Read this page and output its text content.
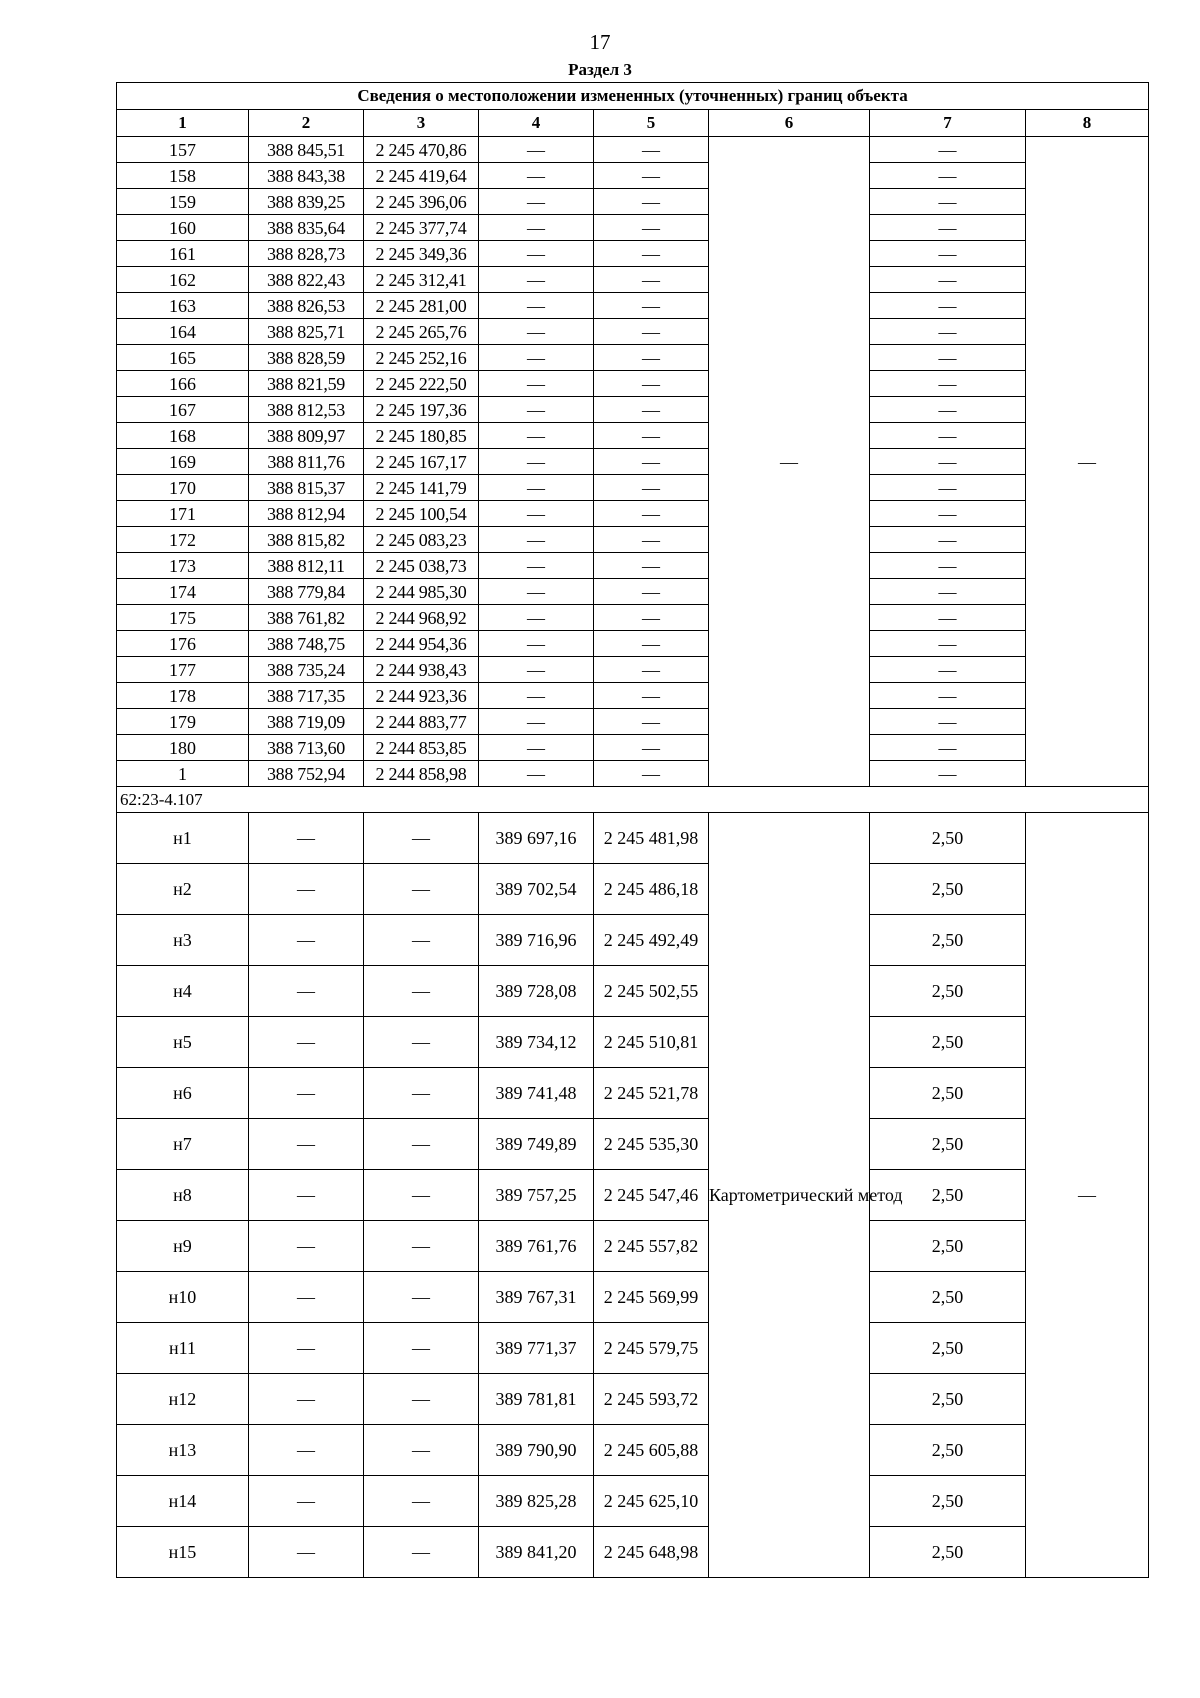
17
Раздел 3
Сведения о местоположении измененных (уточненных) границ объекта							
1	2	3	4	5	6	7	8
157	388 845,51	2 245 470,86	—	—	—	—	—
158	388 843,38	2 245 419,64	—	—		—	
159	388 839,25	2 245 396,06	—	—		—	
160	388 835,64	2 245 377,74	—	—		—	
161	388 828,73	2 245 349,36	—	—		—	
162	388 822,43	2 245 312,41	—	—		—	
163	388 826,53	2 245 281,00	—	—		—	
164	388 825,71	2 245 265,76	—	—		—	
165	388 828,59	2 245 252,16	—	—		—	
166	388 821,59	2 245 222,50	—	—		—	
167	388 812,53	2 245 197,36	—	—		—	
168	388 809,97	2 245 180,85	—	—		—	
169	388 811,76	2 245 167,17	—	—		—	
170	388 815,37	2 245 141,79	—	—		—	
171	388 812,94	2 245 100,54	—	—		—	
172	388 815,82	2 245 083,23	—	—		—	
173	388 812,11	2 245 038,73	—	—		—	
174	388 779,84	2 244 985,30	—	—		—	
175	388 761,82	2 244 968,92	—	—		—	
176	388 748,75	2 244 954,36	—	—		—	
177	388 735,24	2 244 938,43	—	—		—	
178	388 717,35	2 244 923,36	—	—		—	
179	388 719,09	2 244 883,77	—	—		—	
180	388 713,60	2 244 853,85	—	—		—	
1	388 752,94	2 244 858,98	—	—		—	
62:23-4.107							
н1	—	—	389 697,16	2 245 481,98	Картометрический метод	2,50	—
н2	—	—	389 702,54	2 245 486,18		2,50	
н3	—	—	389 716,96	2 245 492,49		2,50	
н4	—	—	389 728,08	2 245 502,55		2,50	
н5	—	—	389 734,12	2 245 510,81		2,50	
н6	—	—	389 741,48	2 245 521,78		2,50	
н7	—	—	389 749,89	2 245 535,30		2,50	
н8	—	—	389 757,25	2 245 547,46		2,50	
н9	—	—	389 761,76	2 245 557,82		2,50	
н10	—	—	389 767,31	2 245 569,99		2,50	
н11	—	—	389 771,37	2 245 579,75		2,50	
н12	—	—	389 781,81	2 245 593,72		2,50	
н13	—	—	389 790,90	2 245 605,88		2,50	
н14	—	—	389 825,28	2 245 625,10		2,50	
н15	—	—	389 841,20	2 245 648,98		2,50	
